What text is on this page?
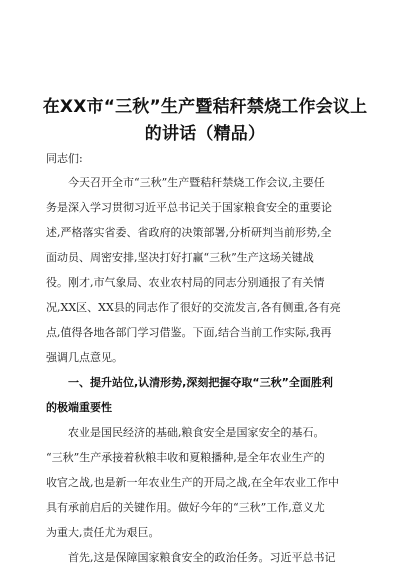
在XX市“三秋”生产暨秸秆禁烧工作会议上
的讲话（精品）

同志们:

今天召开全市“三秋”生产暨秸秆禁烧工作会议,主要任

务是深入学习贯彻习近平总书记关于国家粮食安全的重要论

述,严格落实省委、省政府的决策部署,分析研判当前形势,全

面动员、周密安排,坚决打好打赢“三秋”生产这场关键战

役。刚才,市气象局、农业农村局的同志分别通报了有关情

况,XX区、XX县的同志作了很好的交流发言,各有侧重,各有亮

点,值得各地各部门学习借鉴。下面,结合当前工作实际,我再

强调几点意见。

一、提升站位,认清形势,深刻把握夺取“三秋”全面胜利

的极端重要性

农业是国民经济的基础,粮食安全是国家安全的基石。

“三秋”生产承接着秋粮丰收和夏粮播种,是全年农业生产的

收官之战,也是新一年农业生产的开局之战,在全年农业工作中

具有承前启后的关键作用。做好今年的“三秋”工作,意义尤

为重大,责任尤为艰巨。

首先,这是保障国家粮食安全的政治任务。习近平总书记
